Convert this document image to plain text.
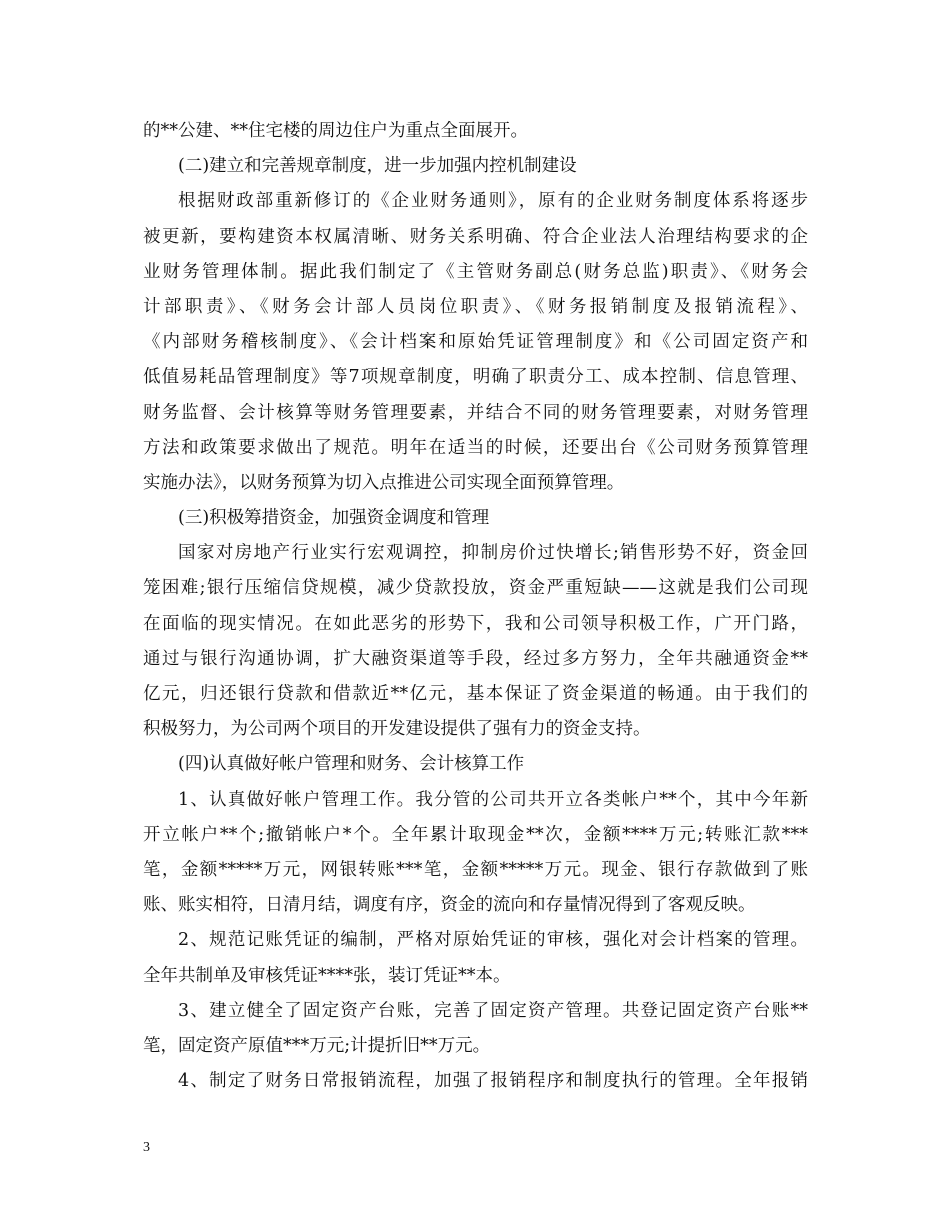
的**公建、**住宅楼的周边住户为重点全面展开。
(二)建立和完善规章制度，进一步加强内控机制建设
根据财政部重新修订的《企业财务通则》，原有的企业财务制度体系将逐步
被更新，要构建资本权属清晰、财务关系明确、符合企业法人治理结构要求的企
业财务管理体制。据此我们制定了《主管财务副总(财务总监)职责》、《财务会
计部职责》、《财务会计部人员岗位职责》、《财务报销制度及报销流程》、
《内部财务稽核制度》、《会计档案和原始凭证管理制度》和《公司固定资产和
低值易耗品管理制度》等7项规章制度，明确了职责分工、成本控制、信息管理、
财务监督、会计核算等财务管理要素，并结合不同的财务管理要素，对财务管理
方法和政策要求做出了规范。明年在适当的时候，还要出台《公司财务预算管理
实施办法》，以财务预算为切入点推进公司实现全面预算管理。
(三)积极筹措资金，加强资金调度和管理
国家对房地产行业实行宏观调控，抑制房价过快增长;销售形势不好，资金回
笼困难;银行压缩信贷规模，减少贷款投放，资金严重短缺——这就是我们公司现
在面临的现实情况。在如此恶劣的形势下，我和公司领导积极工作，广开门路，
通过与银行沟通协调，扩大融资渠道等手段，经过多方努力，全年共融通资金**
亿元，归还银行贷款和借款近**亿元，基本保证了资金渠道的畅通。由于我们的
积极努力，为公司两个项目的开发建设提供了强有力的资金支持。
(四)认真做好帐户管理和财务、会计核算工作
1、认真做好帐户管理工作。我分管的公司共开立各类帐户**个，其中今年新
开立帐户**个;撤销帐户*个。全年累计取现金**次，金额****万元;转账汇款***
笔，金额*****万元，网银转账***笔，金额*****万元。现金、银行存款做到了账
账、账实相符，日清月结，调度有序，资金的流向和存量情况得到了客观反映。
2、规范记账凭证的编制，严格对原始凭证的审核，强化对会计档案的管理。
全年共制单及审核凭证****张，装订凭证**本。
3、建立健全了固定资产台账，完善了固定资产管理。共登记固定资产台账**
笔，固定资产原值***万元;计提折旧**万元。
4、制定了财务日常报销流程，加强了报销程序和制度执行的管理。全年报销
3
